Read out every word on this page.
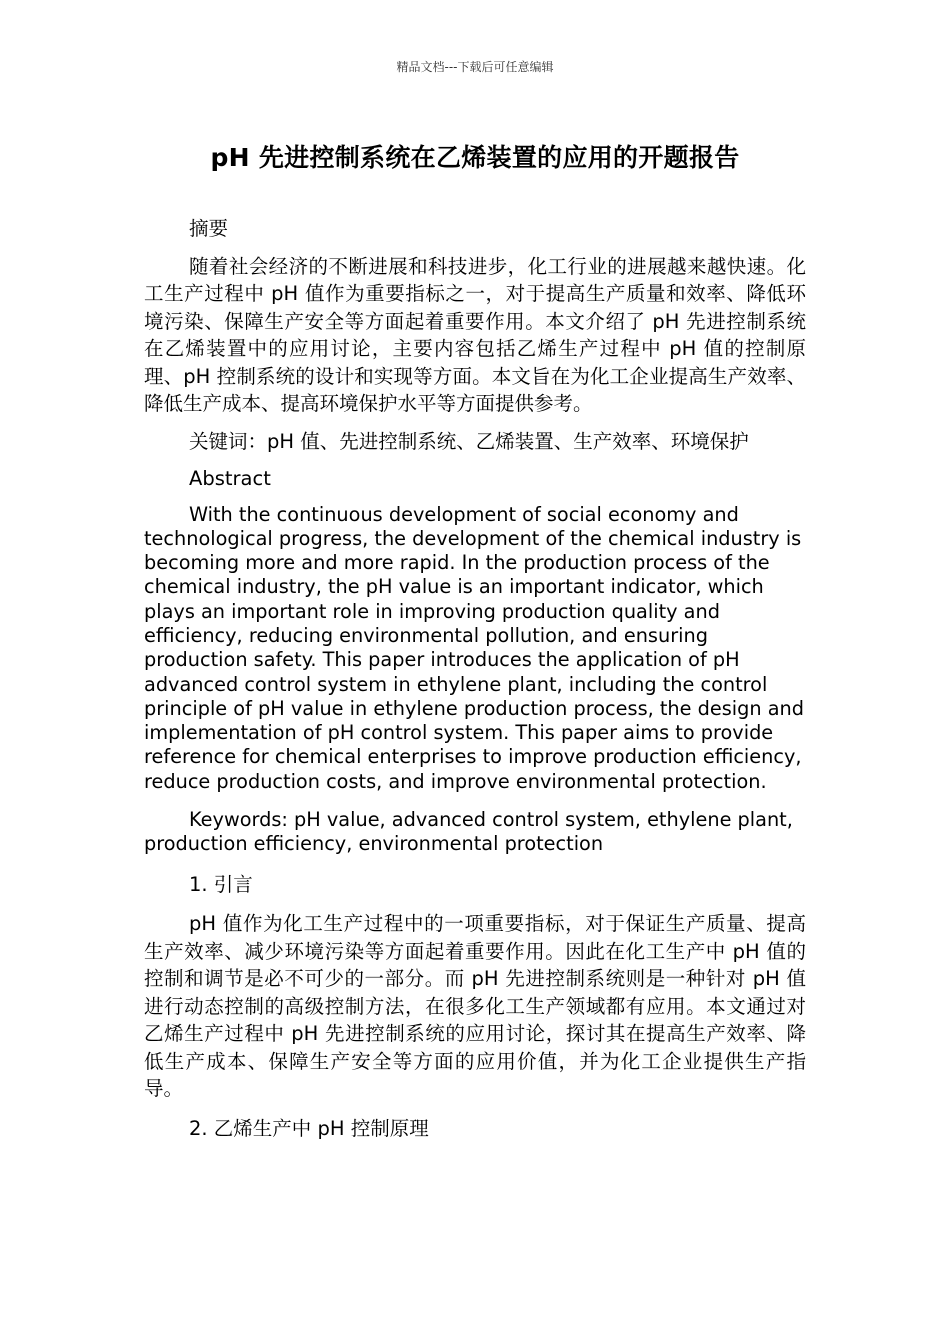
精品文档---下载后可任意编辑
pH 先进控制系统在乙烯装置的应用的开题报告

摘要

随着社会经济的不断进展和科技进步，化工行业的进展越来越快速。化工生产过程中 pH 值作为重要指标之一，对于提高生产质量和效率、降低环境污染、保障生产安全等方面起着重要作用。本文介绍了 pH 先进控制系统在乙烯装置中的应用讨论，主要内容包括乙烯生产过程中 pH 值的控制原理、pH 控制系统的设计和实现等方面。本文旨在为化工企业提高生产效率、降低生产成本、提高环境保护水平等方面提供参考。

关键词：pH 值、先进控制系统、乙烯装置、生产效率、环境保护

Abstract

With the continuous development of social economy and technological progress, the development of the chemical industry is becoming more and more rapid. In the production process of the chemical industry, the pH value is an important indicator, which plays an important role in improving production quality and efficiency, reducing environmental pollution, and ensuring production safety. This paper introduces the application of pH advanced control system in ethylene plant, including the control principle of pH value in ethylene production process, the design and implementation of pH control system. This paper aims to provide reference for chemical enterprises to improve production efficiency, reduce production costs, and improve environmental protection.

Keywords: pH value, advanced control system, ethylene plant, production efficiency, environmental protection

1. 引言

pH 值作为化工生产过程中的一项重要指标，对于保证生产质量、提高生产效率、减少环境污染等方面起着重要作用。因此在化工生产中 pH 值的控制和调节是必不可少的一部分。而 pH 先进控制系统则是一种针对 pH 值进行动态控制的高级控制方法，在很多化工生产领域都有应用。本文通过对乙烯生产过程中 pH 先进控制系统的应用讨论，探讨其在提高生产效率、降低生产成本、保障生产安全等方面的应用价值，并为化工企业提供生产指导。

2. 乙烯生产中 pH 控制原理
